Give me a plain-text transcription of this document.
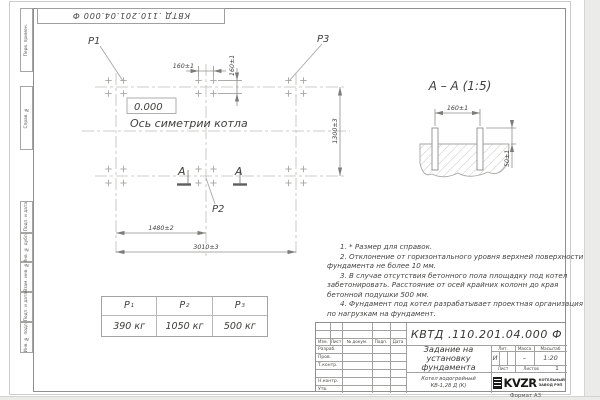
Перв. примен.
Справ. №
Подп. и дата
Инв. № дубл.
Взам. инв. №
Подп. и дата
Инв. № подл.
КВТД .110.201.04.000 Ф
P1	P3
P2
0.000
Ось симетрии котла
А	А
160±1	160±1
1300±3
1480±2
3010±3
А – А (1:5)
160±1
50±1

1. * Размер для справок.

2. Отклонение от горизонтального уровня верхней поверхности фундамента не более 10 мм.

3. В случае отсутствия бетонного пола площадку под котел забетонировать. Расстояние от осей крайних колонн до края бетонной подушки 500 мм.

4. Фундамент под котел разрабатывает проектная организация по нагрузкам на фундамент.

P 1	P 2	P 3
390 кг	1050 кг	500 кг
Изм. Лист	№ докум.	Подп.	Дата
Разраб.
Пров.
Т.контр.
Н.контр.
Утв.
КВТД .110.201.04.000 Ф
Задание на установку фундамента
Котел водогрейный КВ-1,28 Д (К)
Лит.	Масса	Масштаб
И	–	1:20
Лист	Листов	1
KVZR КОТЕЛЬНЫЙ
ЗАВОД РЭП
Формат А3
